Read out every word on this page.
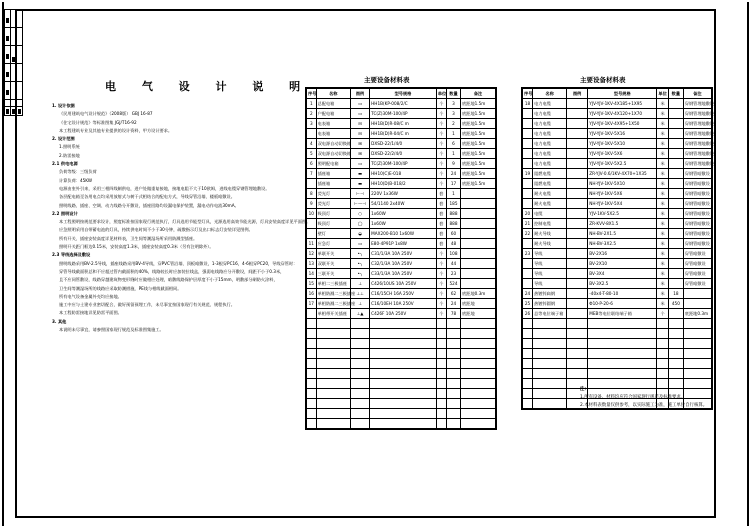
电 气 设 计 说 明
1. 设计依据
《民用建筑电气设计规范》（2008版） GBJ 16-87
《住宅设计规范》等标准图集 JGJ/T16-92
本工程建筑专业及其他专业提供的设计资料，甲方设计要求。
2. 设计范围
1.照明系统
2.防雷接地
2.1 供电电源
负荷等级：三级负荷
计算负荷：45KW
电源由室外引来，采用三相四线制供电，进户处做重复接地，接地电阻不大于10欧姆，进线电缆穿钢管埋地敷设。
各层配电箱至各用电点均采用放射式与树干式相结合的配电方式，导线穿管沿墙、楼板暗敷设。
照明线路、插座、空调、动力线路分开敷设，插座回路均设漏电保护装置，漏电动作电流30mA。
2.2 照明设计
本工程照明按规范要求设计，照度标准按国家现行规范执行，灯具选用节能型灯具，光源选用高效节能光源，灯具安装高度详见平面图。
应急照明采用自带蓄电池的灯具，持续供电时间不小于30分钟，疏散指示灯及出口标志灯安装详见图例。
所有开关、插座安装高度详见材料表，卫生间等潮湿场所采用防溅型插座。
照明开关距门框边0.15米，安装高度1.3米，插座安装高度0.3米（另有注明除外）。
2.3 导线选择及敷设
照明线路采用BV-2.5导线，插座线路采用BV-4导线，穿PVC管沿墙、顶板暗敷设，1-3根穿PC16，4-6根穿PC20，导线穿管时：
穿管导线截面积总和不应超过管内截面积的40%，线路较长时应加装拉线盒，强弱电线路应分开敷设，间距不小于0.3米，
且不应同管敷设，线路穿越建筑物变形缝时应做相应处理，暗敷线路保护层厚度不小于15mm，明敷部分刷防火涂料，
卫生间等潮湿场所的线路应采取防潮措施，PE线与相线截面相同。
所有电气设备金属外壳均应接地。
施工中应与土建专业密切配合，做好预留预埋工作，未尽事宜按国家现行有关规范、规程执行。
本工程防雷接地详见防雷平面图。
3. 其他
本说明未尽事宜，请参照国家现行规范及标准图集施工。
主要设备材料表
序号	名称	图例	型号规格	单位	数量	备注
1	总配电箱	▭	HH1B(KP-008/2/C	个	3	底距地1.5m
2	户配电箱	▭	TC(Z)30M-100/4P	个	3	底距地1.5m
3	电表箱	⊟	HH1B(D)R-08/C m	个	2	底距地1.5m
	电表箱	⊟	HH1B(D)R-04/C m	个	1	底距地1.5m
4	双电源自动切换箱	⊞	DXSD-22/1/4/0	个	6	底距地1.5m
5	双电源自动切换箱	⊞	DXSD-22/2/4/0	个	1	底距地1.5m
6	照明配电箱	▭	TC(Z)30M-100/4P	个	9	底距地1.5m
7	插座箱	▬	HH10(C)E-018	个	24	底距地1.5m
	插座箱	▬	HH10(D)B-018/2	个	17	底距地1.5m
8	荧光灯	⊢⊣	220V 1x36W	套	1	
9	荧光灯	⊢—⊣	54/1140 2x40W	套	185	
10	吸顶灯	○	1x60W	套	888	
	吸顶灯	◯	1x60W	套	888	
	壁灯	◒	MAX200-B10 1x60W	套	60	
11	应急灯	▭	E80-4P91P 1x8W	套	48	
12	单联开关	•╮	C31/1/3A 10A 250V	个	108	
13	双联开关	•╮	C32/1/3A 10A 250V	个	44	
14	三联开关	•╮	C33/1/3A 10A 250V	个	23	
15	单相二三极插座	⊥	C426/10US 10A 250V	个	524	
16	单相防溅二三极插座	⊥⊥	C16/15CH 16A 250V	个	62	底距地0.3m
17	单相防溅二三极插座	⊥	C16/10EH 10A 250V	个	24	底距地
	单相带开关插座	⊥▲	C426F 10A 250V	个	78	底距地

主要设备材料表
序号	名称	图例	型号规格	单位	数量	备注
18	电力电缆		YJV-YJV-1KV-4X185+1X95	米		穿钢管埋地敷设
	电力电缆		YJV-YJV-1KV-4X120+1X70	米		穿钢管埋地敷设
	电力电缆		YJV-YJV-1KV-4X95+1X50	米		穿钢管埋地敷设
	电力电缆		YJV-YJV-1KV-5X16	米		穿钢管埋地敷设
	电力电缆		YJV-YJV-1KV-5X10	米		穿钢管埋地敷设
	电力电缆		YJV-YJV-1KV-5X6	米		穿钢管埋地敷设
	电力电缆		YJV-YJV-1KV-5X2.5	米		穿钢管埋地敷设
19	阻燃电缆		ZR-YJV-0.6/1KV-4X70+1X35	米		穿钢管暗敷设
	阻燃电缆		NH-YJV-1KV-5X10	米		穿钢管暗敷设
	耐火电缆		NH-YJV-1KV-5X6	米		穿钢管暗敷设
	耐火电缆		NH-YJV-1KV-5X4	米		穿钢管暗敷设
20	电缆		YJV-1KV-5X2.5	米		穿钢管暗敷设
21	控制电缆		ZR-KVV-8X1.5	米		穿钢管暗敷设
22	耐火导线		NH-BV-2X1.5	米		穿钢管暗敷设
	耐火导线		NH-BV-3X2.5	米		穿钢管暗敷设
23	导线		BV-2X16	米		穿管暗敷设
	导线		BV-2X10	米		穿管暗敷设
	导线		BV-3X4	米		穿管暗敷设
	导线		BV-3X2.5	米		穿管暗敷设
24	热镀锌扁钢		-40x4-T-80-10	米	18	
25	热镀锌圆钢		Φ10-P-20-6	米	450	
26	总等电位端子箱		MEB等电位联结端子箱	个		底距地0.3m

注：
1.所有设备、材料均应符合国家现行规范及标准要求。
2.本材料表数量仅供参考，以实际施工为准，施工单位自行核算。
